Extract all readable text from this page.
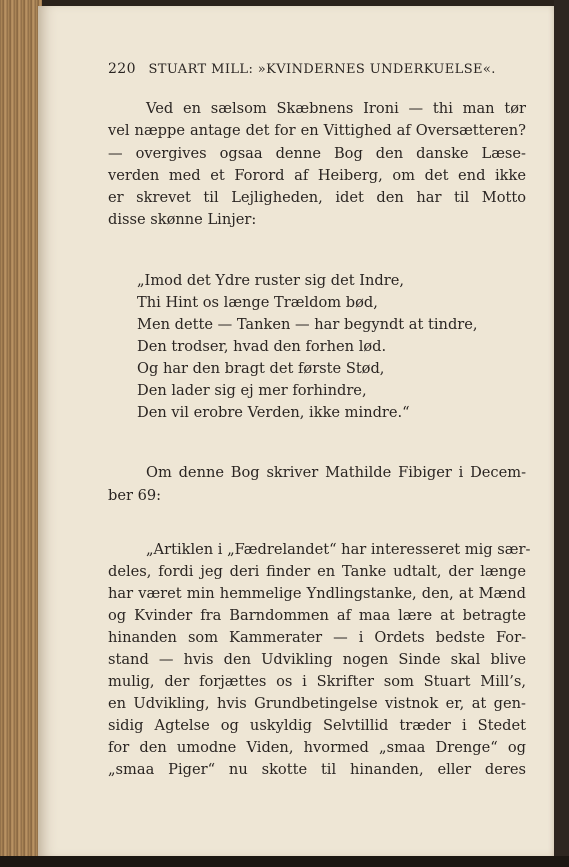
220 STUART MILL: »KVINDERNES UNDERKUELSE«.
Ved en sælsom Skæbnens Ironi — thi man tør
vel næppe antage det for en Vittighed af Oversætteren?
— overgives ogsaa denne Bog den danske Læse-
verden med et Forord af Heiberg, om det end ikke
er skrevet til Lejligheden, idet den har til Motto
disse skønne Linjer:
„Imod det Ydre ruster sig det Indre,
Thi Hint os længe Trældom bød,
Men dette — Tanken — har begyndt at tindre,
Den trodser, hvad den forhen lød.
Og har den bragt det første Stød,
Den lader sig ej mer forhindre,
Den vil erobre Verden, ikke mindre.“
Om denne Bog skriver Mathilde Fibiger i Decem-
ber 69:
„Artiklen i „Fædrelandet“ har interesseret mig sær-
deles, fordi jeg deri finder en Tanke udtalt, der længe
har været min hemmelige Yndlingstanke, den, at Mænd
og Kvinder fra Barndommen af maa lære at betragte
hinanden som Kammerater — i Ordets bedste For-
stand — hvis den Udvikling nogen Sinde skal blive
mulig, der forjættes os i Skrifter som Stuart Mill’s,
en Udvikling, hvis Grundbetingelse vistnok er, at gen-
sidig Agtelse og uskyldig Selvtillid træder i Stedet
for den umodne Viden, hvormed „smaa Drenge“ og
„smaa Piger“ nu skotte til hinanden, eller deres
